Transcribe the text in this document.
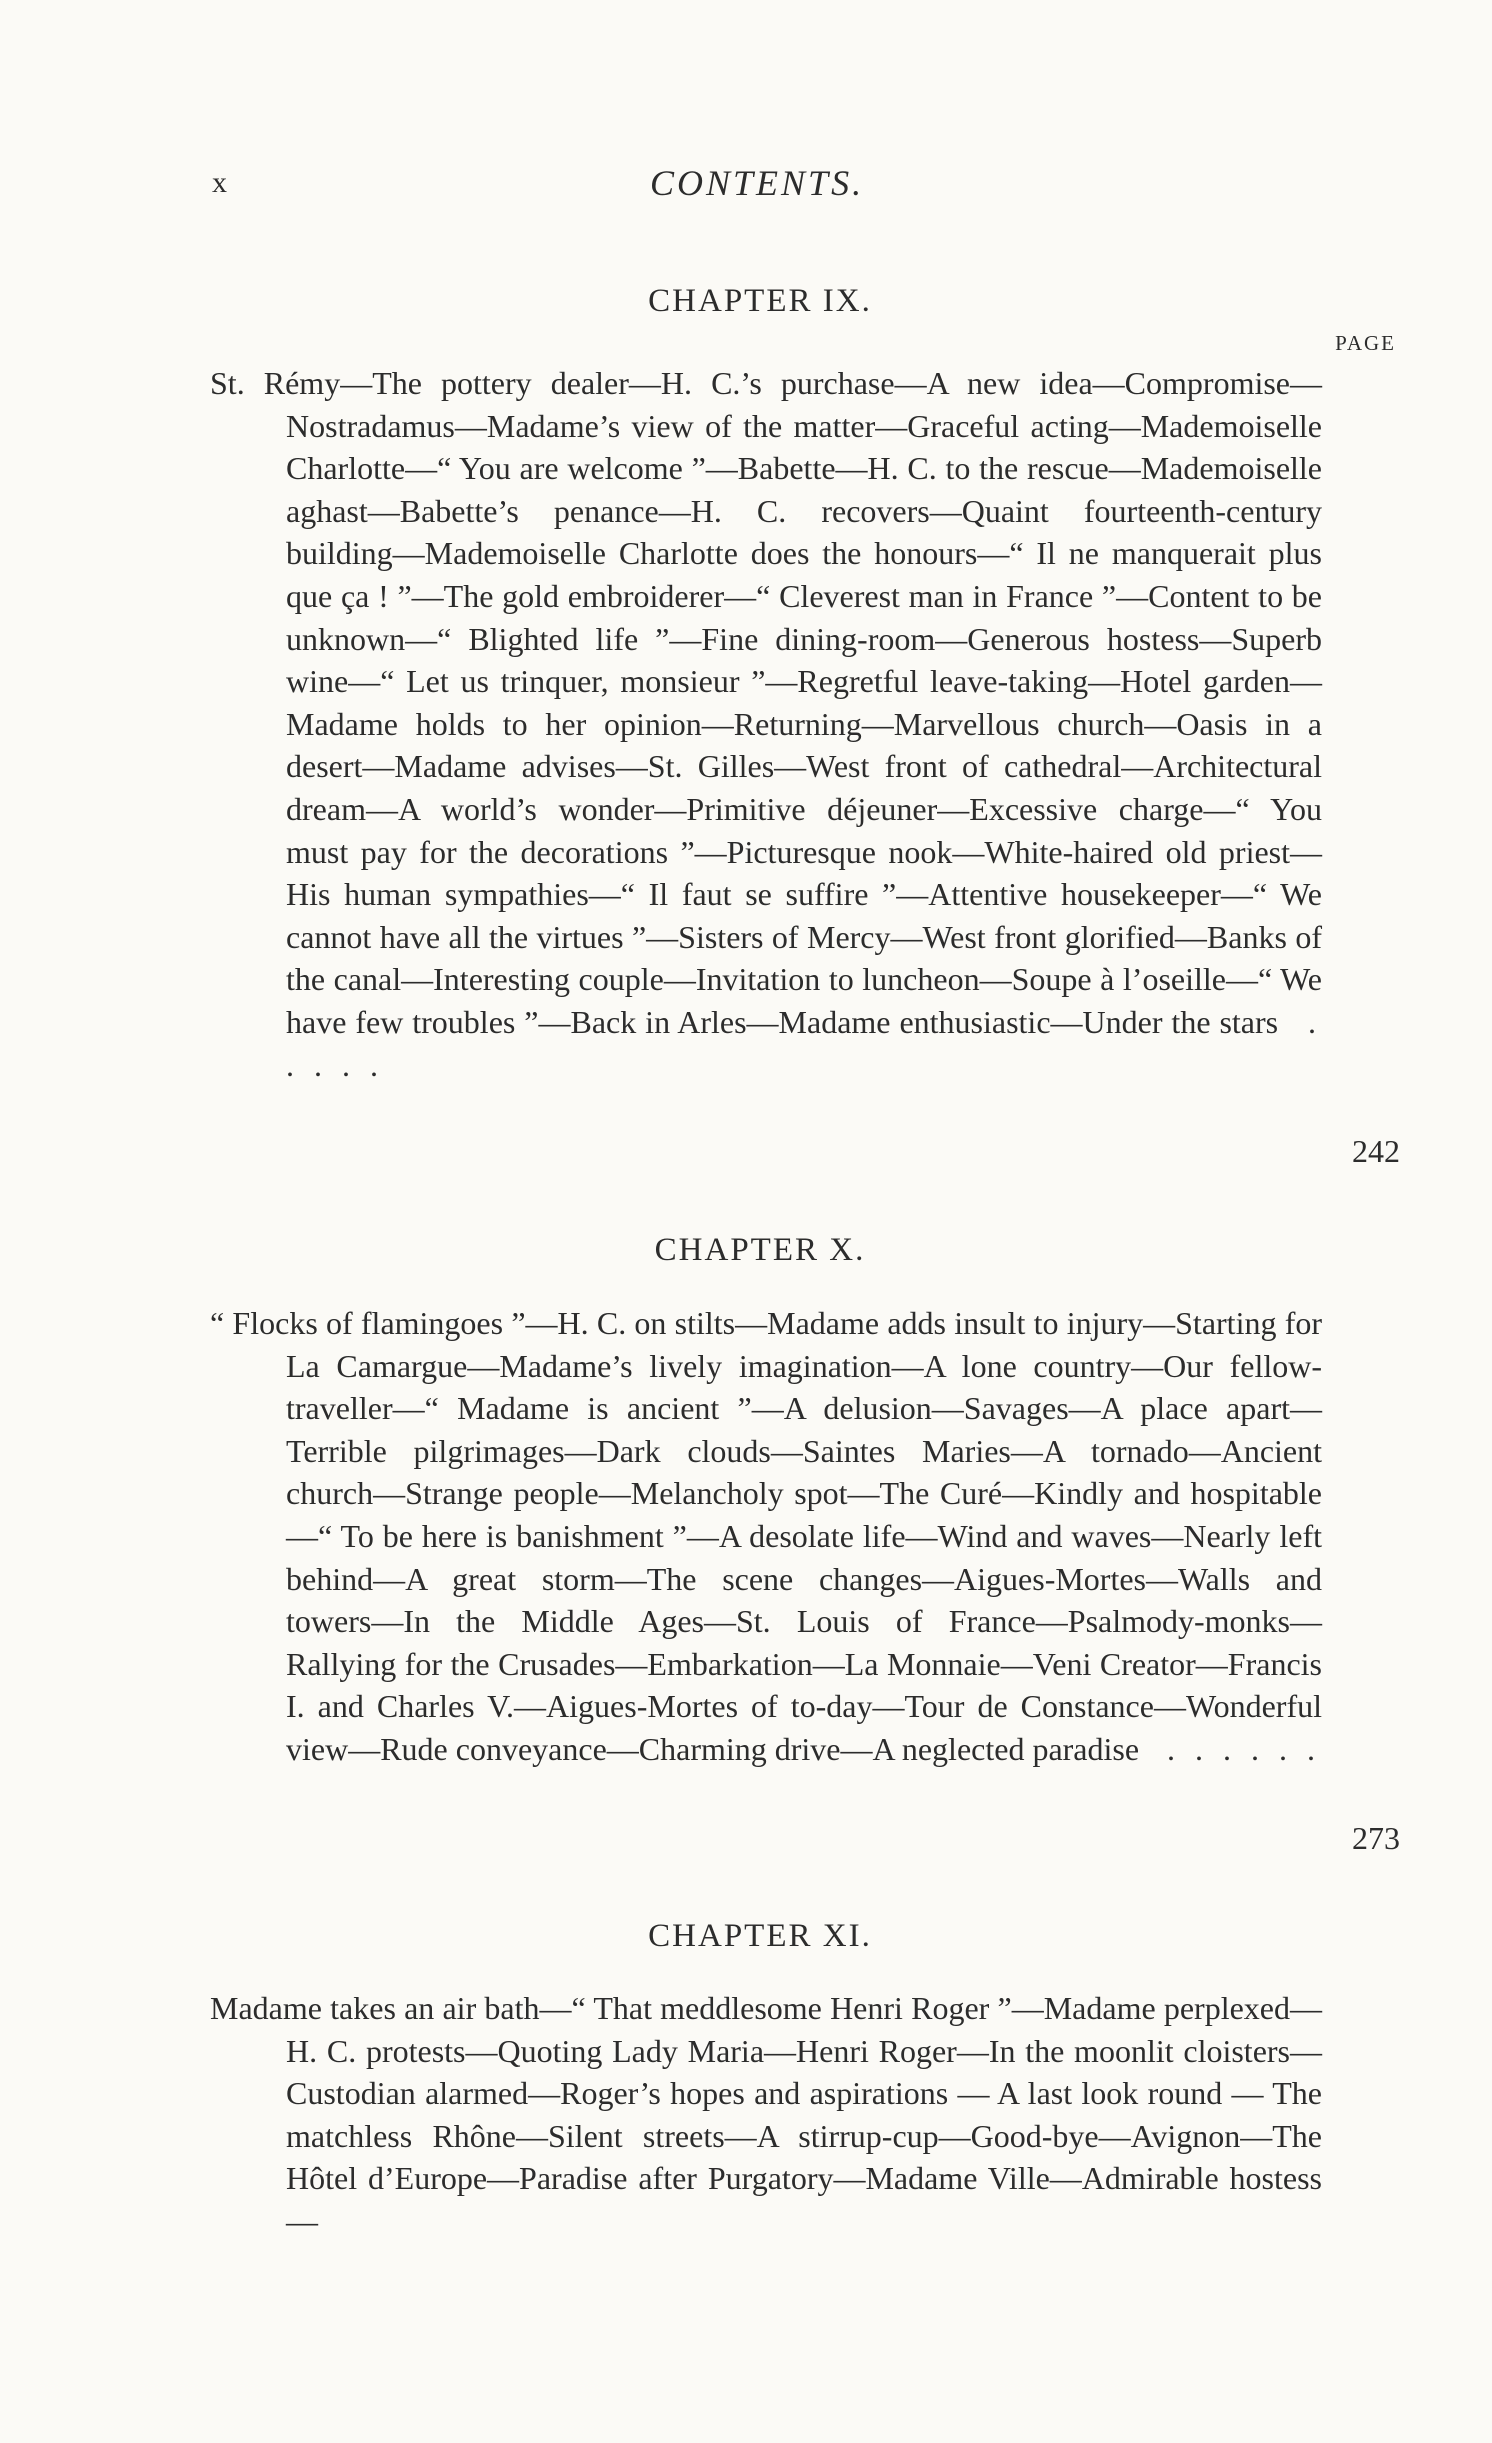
x	CONTENTS.
CHAPTER IX.
PAGE

St. Rémy—The pottery dealer—H. C.’s purchase—A new idea—Compromise—Nostradamus—Madame’s view of the matter—Graceful acting—Mademoiselle Charlotte—“ You are welcome ”—Babette—H. C. to the rescue—Mademoiselle aghast—Babette’s penance—H. C. recovers—Quaint fourteenth-century building—Mademoiselle Charlotte does the honours—“ Il ne manquerait plus que ça ! ”—The gold embroiderer—“ Cleverest man in France ”—Content to be unknown—“ Blighted life ”—Fine dining-room—Generous hostess—Superb wine—“ Let us trinquer, monsieur ”—Regretful leave-taking—Hotel garden—Madame holds to her opinion—Returning—Marvellous church—Oasis in a desert—Madame advises—St. Gilles—West front of cathedral—Architectural dream—A world’s wonder—Primitive déjeuner—Excessive charge—“ You must pay for the decorations ”—Picturesque nook—White-haired old priest—His human sympathies—“ Il faut se suffire ”—Attentive housekeeper—“ We cannot have all the virtues ”—Sisters of Mercy—West front glorified—Banks of the canal—Interesting couple—Invitation to luncheon—Soupe à l’oseille—“ We have few troubles ”—Back in Arles—Madame enthusiastic—Under the stars . . . . .

242
CHAPTER X.

“ Flocks of flamingoes ”—H. C. on stilts—Madame adds insult to injury—Starting for La Camargue—Madame’s lively imagination—A lone country—Our fellow-traveller—“ Madame is ancient ”—A delusion—Savages—A place apart—Terrible pilgrimages—Dark clouds—Saintes Maries—A tornado—Ancient church—Strange people—Melancholy spot—The Curé—Kindly and hospitable—“ To be here is banishment ”—A desolate life—Wind and waves—Nearly left behind—A great storm—The scene changes—Aigues-Mortes—Walls and towers—In the Middle Ages—St. Louis of France—Psalmody-monks—Rallying for the Crusades—Embarkation—La Monnaie—Veni Creator—Francis I. and Charles V.—Aigues-Mortes of to-day—Tour de Constance—Wonderful view—Rude conveyance—Charming drive—A neglected paradise . . . . . .

273
CHAPTER XI.

Madame takes an air bath—“ That meddlesome Henri Roger ”—Madame perplexed—H. C. protests—Quoting Lady Maria—Henri Roger—In the moonlit cloisters—Custodian alarmed—Roger’s hopes and aspirations — A last look round — The matchless Rhône—Silent streets—A stirrup-cup—Good-bye—Avignon—The Hôtel d’Europe—Paradise after Purgatory—Madame Ville—Admirable hostess—
